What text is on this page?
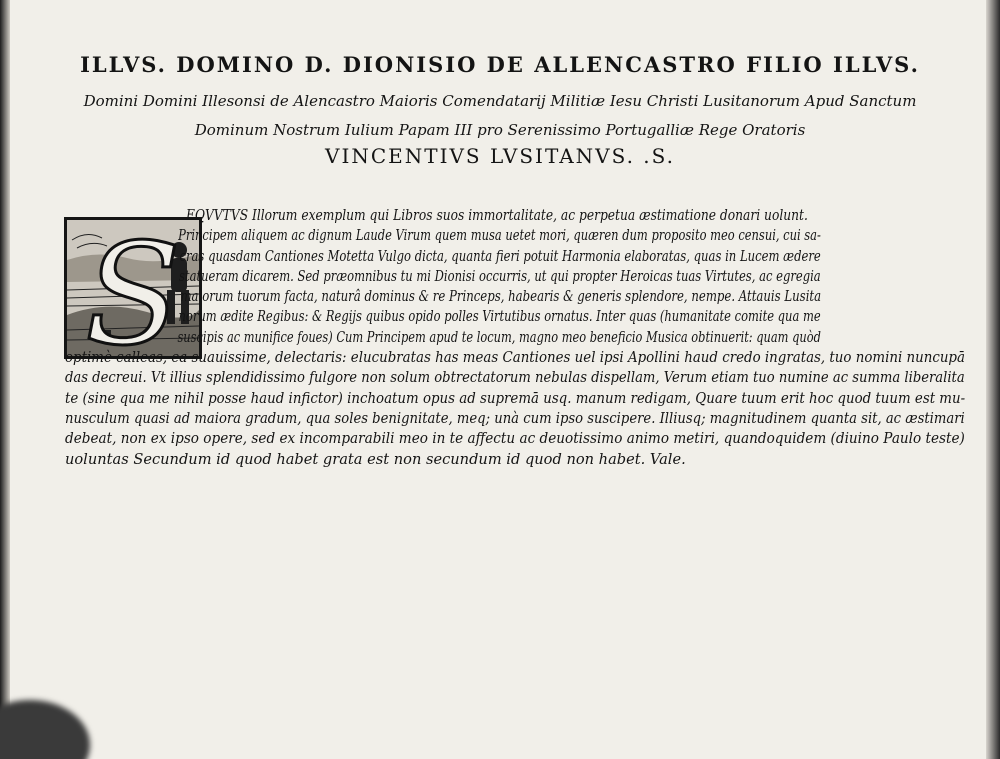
ILLVS. DOMINO D. DIONISIO DE ALLENCASTRO FILIO ILLVS.
Domini Domini Illesonsi de Alencastro Maioris Comendatarij Militiæ Iesu Christi Lusitanorum Apud Sanctum
Dominum Nostrum Iulium Papam III pro Serenissimo Portugalliæ Rege Oratoris
VINCENTIVS LVSITANVS. .S.
S EQVVTVS Illorum exemplum qui Libros suos immortalitate, ac perpetua æstimatione donari uolunt.
Principem aliquem ac dignum Laude Virum quem musa uetet mori, quæren dum proposito meo censui, cui sa-
cras quasdam Cantiones Motetta Vulgo dicta, quanta fieri potuit Harmonia elaboratas, quas in Lucem ædere
statueram dicarem. Sed præomnibus tu mi Dionisi occurris, ut qui propter Heroicas tuas Virtutes, ac egregia
maiorum tuorum facta, naturâ dominus & re Princeps, habearis & generis splendore, nempe. Attauis Lusita
norum ædite Regibus: & Regijs quibus opido polles Virtutibus ornatus. Inter quas (humanitate comite qua me
suscipis ac munifice foues) Cum Principem apud te locum, magno meo beneficio Musica obtinuerit: quam quòd
optimè calleas, ea suauissime, delectaris: elucubratas has meas Cantiones uel ipsi Apollini haud credo ingratas, tuo nomini nuncupā
das decreui. Vt illius splendidissimo fulgore non solum obtrectatorum nebulas dispellam, Verum etiam tuo numine ac summa liberalita
te (sine qua me nihil posse haud infictor) inchoatum opus ad supremā usq. manum redigam, Quare tuum erit hoc quod tuum est mu-
nusculum quasi ad maiora gradum, qua soles benignitate, meq; unà cum ipso suscipere. Illiusq; magnitudinem quanta sit, ac æstimari
debeat, non ex ipso opere, sed ex incomparabili meo in te affectu ac deuotissimo animo metiri, quandoquidem (diuino Paulo teste)
uoluntas Secundum id quod habet grata est non secundum id quod non habet. Vale.
